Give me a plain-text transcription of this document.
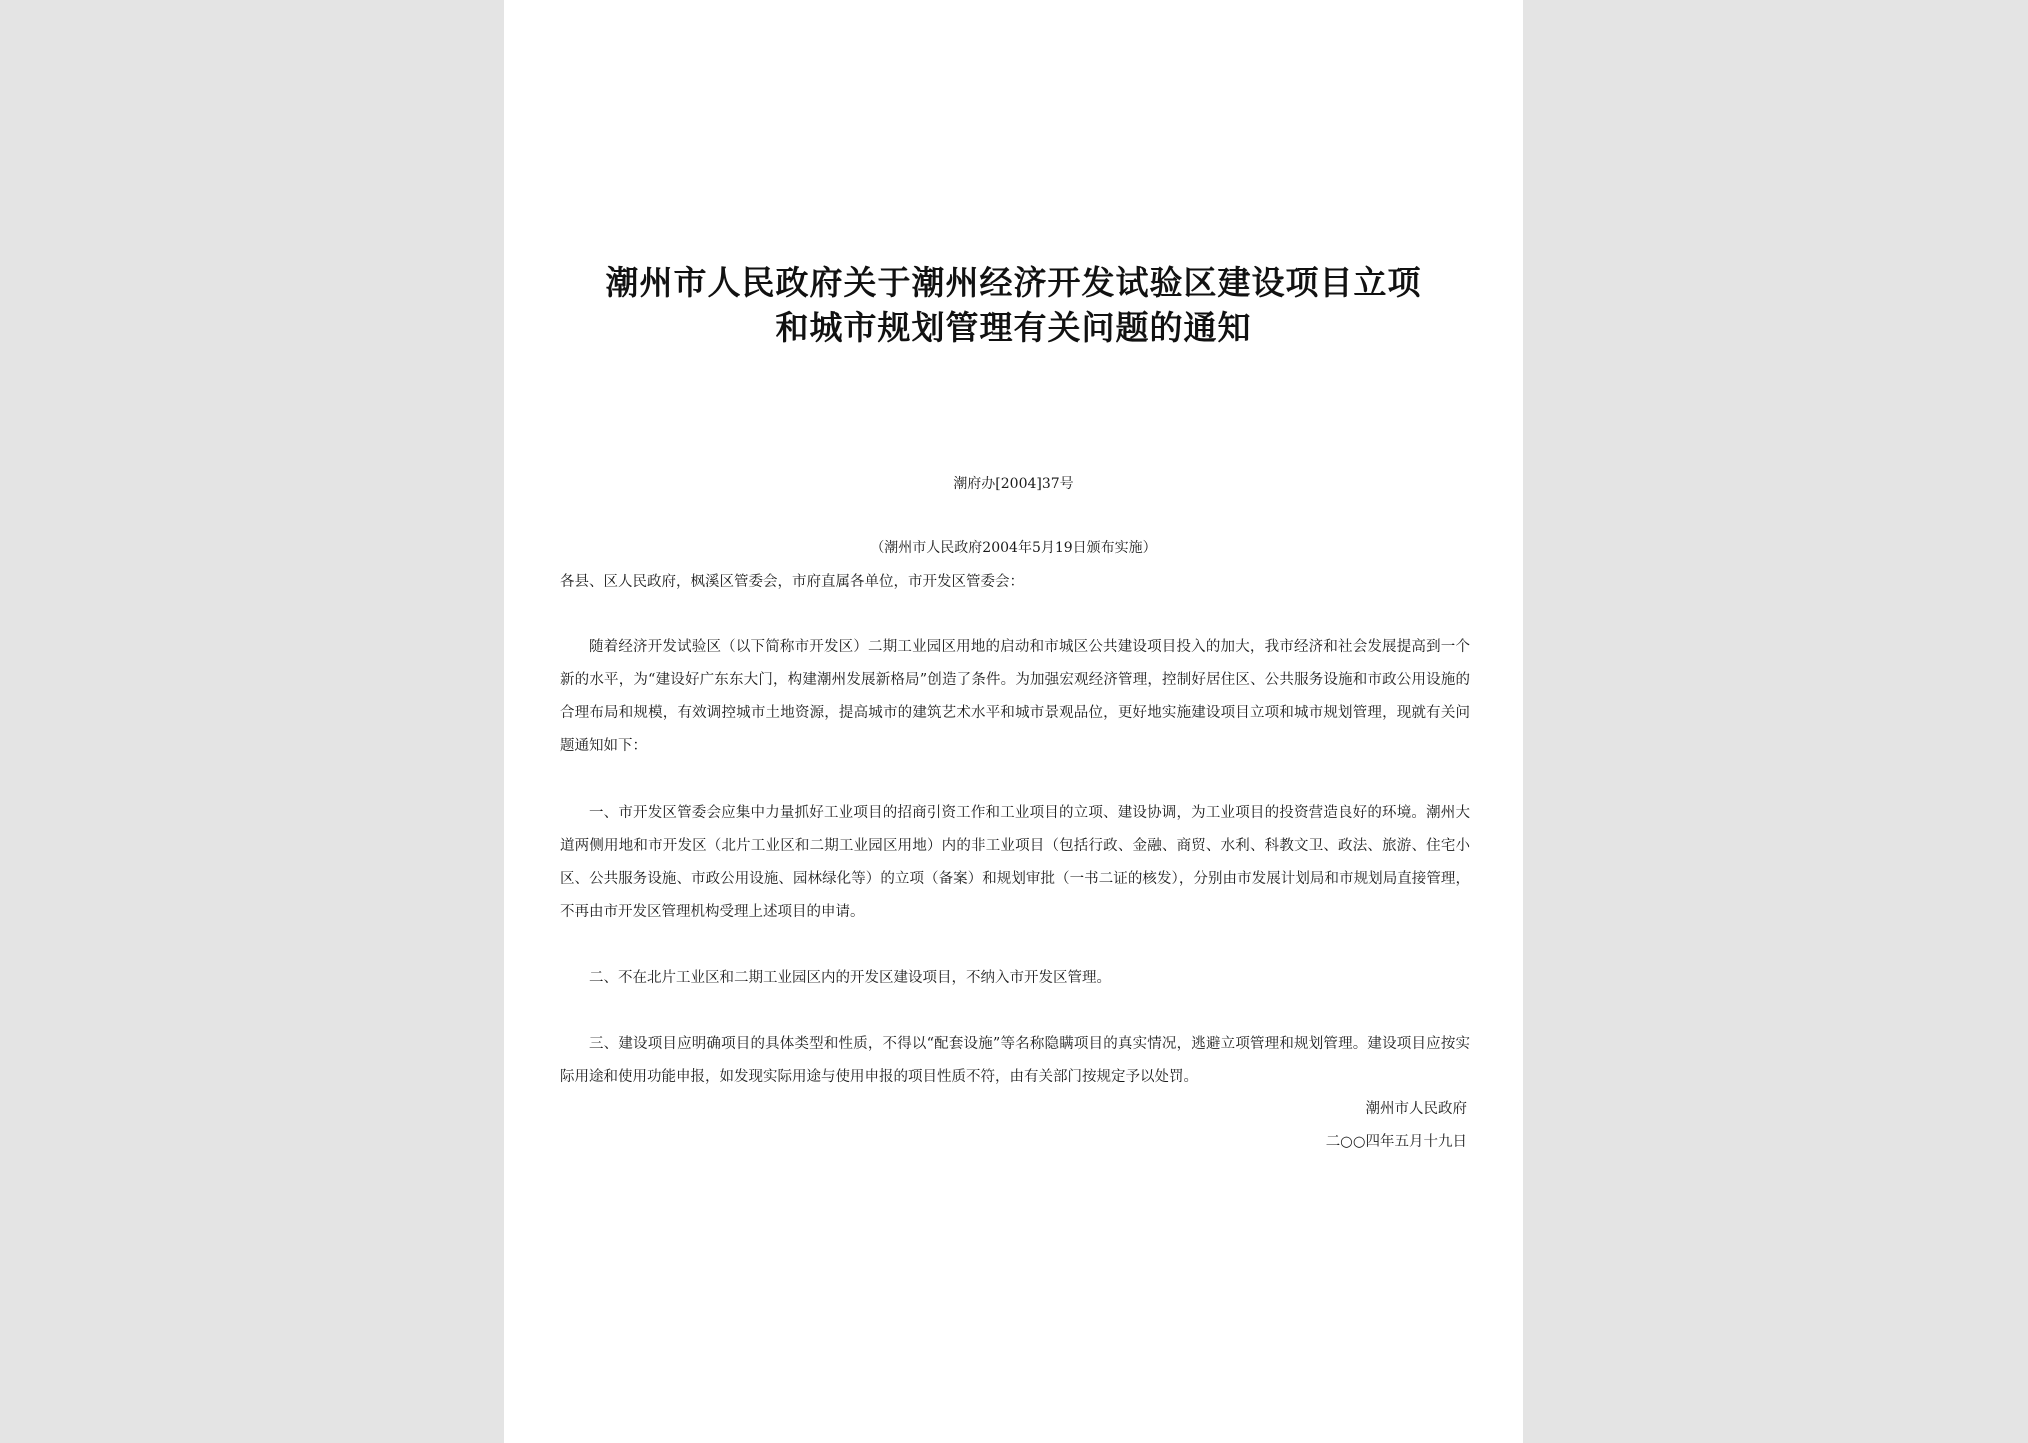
潮州市人民政府关于潮州经济开发试验区建设项目立项
和城市规划管理有关问题的通知
潮府办[2004]37号
（潮州市人民政府2004年5月19日颁布实施）
各县、区人民政府，枫溪区管委会，市府直属各单位，市开发区管委会：

随着经济开发试验区（以下简称市开发区）二期工业园区用地的启动和市城区公共建设项目投入的加大，我市经济和社会发展提高到一个新的水平，为“建设好广东东大门，构建潮州发展新格局”创造了条件。为加强宏观经济管理，控制好居住区、公共服务设施和市政公用设施的合理布局和规模，有效调控城市土地资源，提高城市的建筑艺术水平和城市景观品位，更好地实施建设项目立项和城市规划管理，现就有关问题通知如下：

一、市开发区管委会应集中力量抓好工业项目的招商引资工作和工业项目的立项、建设协调，为工业项目的投资营造良好的环境。潮州大道两侧用地和市开发区（北片工业区和二期工业园区用地）内的非工业项目（包括行政、金融、商贸、水利、科教文卫、政法、旅游、住宅小区、公共服务设施、市政公用设施、园林绿化等）的立项（备案）和规划审批（一书二证的核发），分别由市发展计划局和市规划局直接管理，不再由市开发区管理机构受理上述项目的申请。

二、不在北片工业区和二期工业园区内的开发区建设项目，不纳入市开发区管理。

三、建设项目应明确项目的具体类型和性质，不得以“配套设施”等名称隐瞒项目的真实情况，逃避立项管理和规划管理。建设项目应按实际用途和使用功能申报，如发现实际用途与使用申报的项目性质不符，由有关部门按规定予以处罚。

潮州市人民政府
二○○四年五月十九日
